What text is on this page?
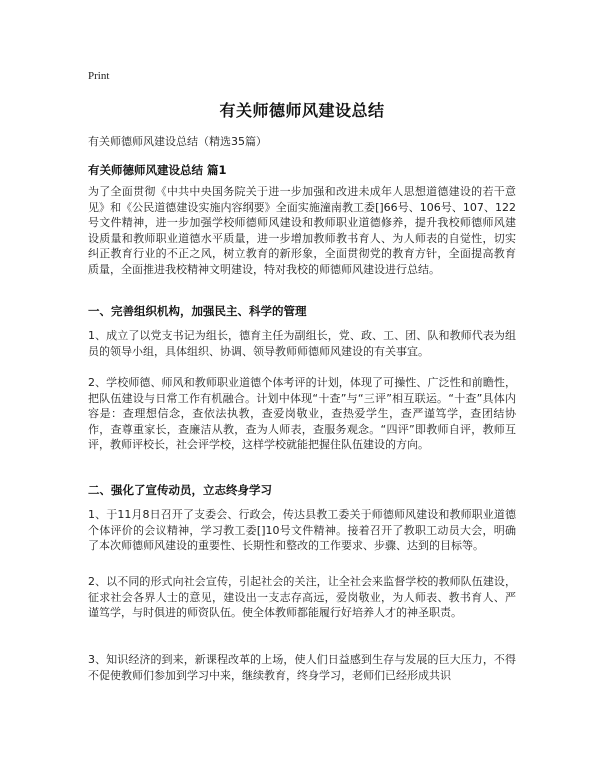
Print
有关师德师风建设总结
有关师德师风建设总结（精选35篇）
有关师德师风建设总结 篇1
为了全面贯彻《中共中央国务院关于进一步加强和改进未成年人思想道德建设的若干意见》和《公民道德建设实施内容纲要》全面实施潼南教工委[]66号、106号、107、122号文件精神，进一步加强学校师德师风建设和教师职业道德修养，提升我校师德师风建设质量和教师职业道德水平质量，进一步增加教师教书育人、为人师表的自觉性，切实纠正教育行业的不正之风，树立教育的新形象，全面贯彻党的教育方针，全面提高教育质量，全面推进我校精神文明建设，特对我校的师德师风建设进行总结。
一、完善组织机构，加强民主、科学的管理
1、成立了以党支书记为组长，德育主任为副组长，党、政、工、团、队和教师代表为组员的领导小组，具体组织、协调、领导教师师德师风建设的有关事宜。
2、学校师德、师风和教师职业道德个体考评的计划，体现了可操性、广泛性和前瞻性，把队伍建设与日常工作有机融合。计划中体现“十查”与“三评”相互联运。“十查”具体内容是：查理想信念，查依法执教，查爱岗敬业，查热爱学生，查严谨笃学，查团结协作，查尊重家长，查廉洁从教，查为人师表，查服务观念。“四评”即教师自评，教师互评，教师评校长，社会评学校，这样学校就能把握住队伍建设的方向。
二、强化了宣传动员，立志终身学习
1、于11月8日召开了支委会、行政会，传达县教工委关于师德师风建设和教师职业道德个体评价的会议精神，学习教工委[]10号文件精神。接着召开了教职工动员大会，明确了本次师德师风建设的重要性、长期性和整改的工作要求、步骤、达到的目标等。
2、以不同的形式向社会宣传，引起社会的关注，让全社会来监督学校的教师队伍建设，征求社会各界人士的意见，建设出一支志存高远，爱岗敬业，为人师表、教书育人、严谨笃学，与时俱进的师资队伍。使全体教师都能履行好培养人才的神圣职责。
3、知识经济的到来，新课程改革的上场，使人们日益感到生存与发展的巨大压力，不得不促使教师们参加到学习中来，继续教育，终身学习，老师们已经形成共识
